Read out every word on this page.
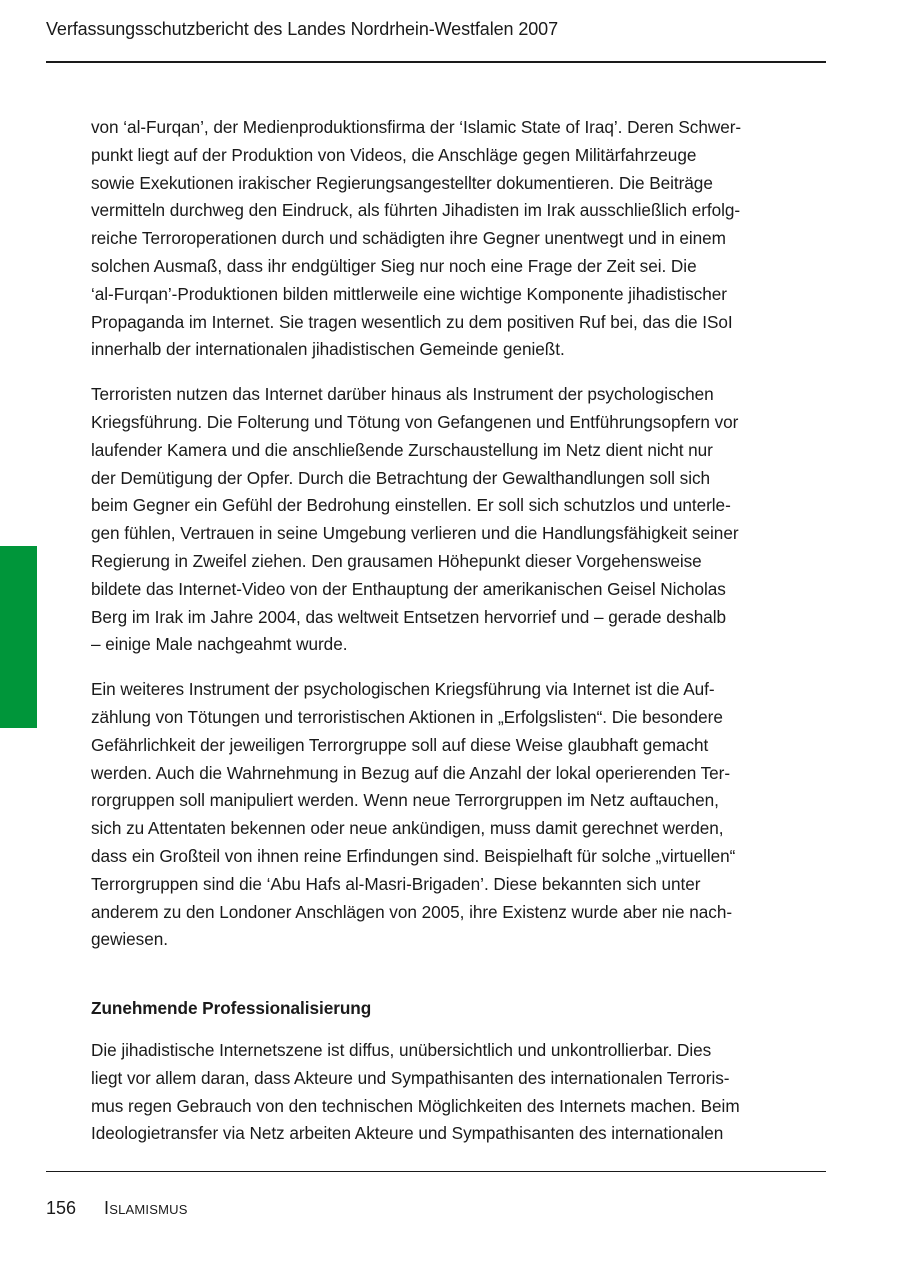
Verfassungsschutzbericht des Landes Nordrhein-Westfalen 2007

von ‘al-Furqan’, der Medienproduktionsfirma der ‘Islamic State of Iraq’. Deren Schwer-
punkt liegt auf der Produktion von Videos, die Anschläge gegen Militärfahrzeuge
sowie Exekutionen irakischer Regierungsangestellter dokumentieren. Die Beiträge
vermitteln durchweg den Eindruck, als führten Jihadisten im Irak ausschließlich erfolg-
reiche Terroroperationen durch und schädigten ihre Gegner unentwegt und in einem
solchen Ausmaß, dass ihr endgültiger Sieg nur noch eine Frage der Zeit sei. Die
‘al-Furqan’-Produktionen bilden mittlerweile eine wichtige Komponente jihadistischer
Propaganda im Internet. Sie tragen wesentlich zu dem positiven Ruf bei, das die ISoI
innerhalb der internationalen jihadistischen Gemeinde genießt.

Terroristen nutzen das Internet darüber hinaus als Instrument der psychologischen
Kriegsführung. Die Folterung und Tötung von Gefangenen und Entführungsopfern vor
laufender Kamera und die anschließende Zurschaustellung im Netz dient nicht nur
der Demütigung der Opfer. Durch die Betrachtung der Gewalthandlungen soll sich
beim Gegner ein Gefühl der Bedrohung einstellen. Er soll sich schutzlos und unterle-
gen fühlen, Vertrauen in seine Umgebung verlieren und die Handlungsfähigkeit seiner
Regierung in Zweifel ziehen. Den grausamen Höhepunkt dieser Vorgehensweise
bildete das Internet-Video von der Enthauptung der amerikanischen Geisel Nicholas
Berg im Irak im Jahre 2004, das weltweit Entsetzen hervorrief und – gerade deshalb
– einige Male nachgeahmt wurde.

Ein weiteres Instrument der psychologischen Kriegsführung via Internet ist die Auf-
zählung von Tötungen und terroristischen Aktionen in „Erfolgslisten“. Die besondere
Gefährlichkeit der jeweiligen Terrorgruppe soll auf diese Weise glaubhaft gemacht
werden. Auch die Wahrnehmung in Bezug auf die Anzahl der lokal operierenden Ter-
rorgruppen soll manipuliert werden. Wenn neue Terrorgruppen im Netz auftauchen,
sich zu Attentaten bekennen oder neue ankündigen, muss damit gerechnet werden,
dass ein Großteil von ihnen reine Erfindungen sind. Beispielhaft für solche „virtuellen“
Terrorgruppen sind die ‘Abu Hafs al-Masri-Brigaden’. Diese bekannten sich unter
anderem zu den Londoner Anschlägen von 2005, ihre Existenz wurde aber nie nach-
gewiesen.

Zunehmende Professionalisierung

Die jihadistische Internetszene ist diffus, unübersichtlich und unkontrollierbar. Dies
liegt vor allem daran, dass Akteure und Sympathisanten des internationalen Terroris-
mus regen Gebrauch von den technischen Möglichkeiten des Internets machen. Beim
Ideologietransfer via Netz arbeiten Akteure und Sympathisanten des internationalen

156 Islamismus
